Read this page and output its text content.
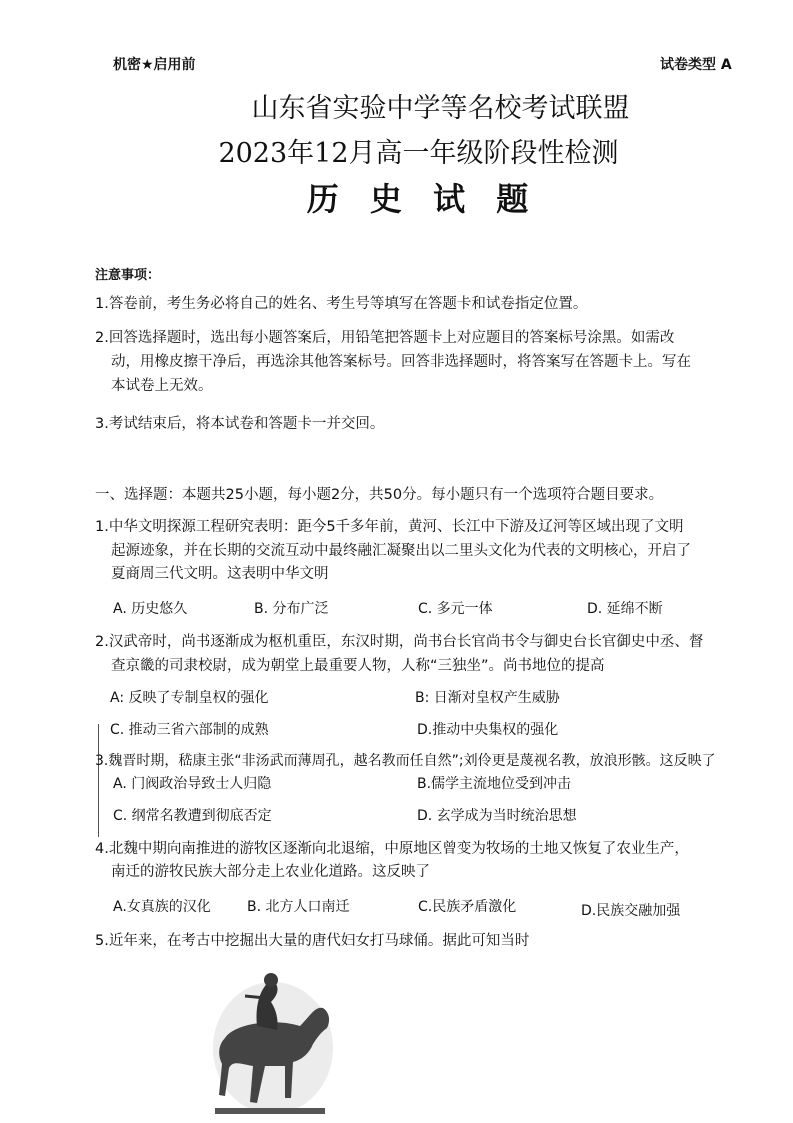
机密★启用前	试卷类型 A
山东省实验中学等名校考试联盟
2023年12月高一年级阶段性检测
历 史 试 题
注意事项：
1.答卷前，考生务必将自己的姓名、考生号等填写在答题卡和试卷指定位置。
2.回答选择题时，选出每小题答案后，用铅笔把答题卡上对应题目的答案标号涂黑。如需改
动，用橡皮擦干净后，再选涂其他答案标号。回答非选择题时，将答案写在答题卡上。写在
本试卷上无效。
3.考试结束后，将本试卷和答题卡一并交回。
一、选择题：本题共25小题，每小题2分，共50分。每小题只有一个选项符合题目要求。
1.中华文明探源工程研究表明：距今5千多年前，黄河、长江中下游及辽河等区域出现了文明
起源迹象，并在长期的交流互动中最终融汇凝聚出以二里头文化为代表的文明核心，开启了
夏商周三代文明。这表明中华文明
A. 历史悠久	B. 分布广泛	C. 多元一体	D. 延绵不断
2.汉武帝时，尚书逐渐成为枢机重臣，东汉时期，尚书台长官尚书令与御史台长官御史中丞、督
查京畿的司隶校尉，成为朝堂上最重要人物，人称“三独坐”。尚书地位的提高
A: 反映了专制皇权的强化	B: 日渐对皇权产生威胁
C. 推动三省六部制的成熟	D.推动中央集权的强化
3.魏晋时期，嵇康主张“非汤武而薄周孔，越名教而任自然”;刘伶更是蔑视名教，放浪形骸。这反映了
A. 门阀政治导致士人归隐	B.儒学主流地位受到冲击
C. 纲常名教遭到彻底否定	D. 玄学成为当时统治思想
4.北魏中期向南推进的游牧区逐渐向北退缩，中原地区曾变为牧场的土地又恢复了农业生产，
南迁的游牧民族大部分走上农业化道路。这反映了
A.女真族的汉化	B. 北方人口南迁	C.民族矛盾激化	D.民族交融加强
5.近年来，在考古中挖掘出大量的唐代妇女打马球俑。据此可知当时
